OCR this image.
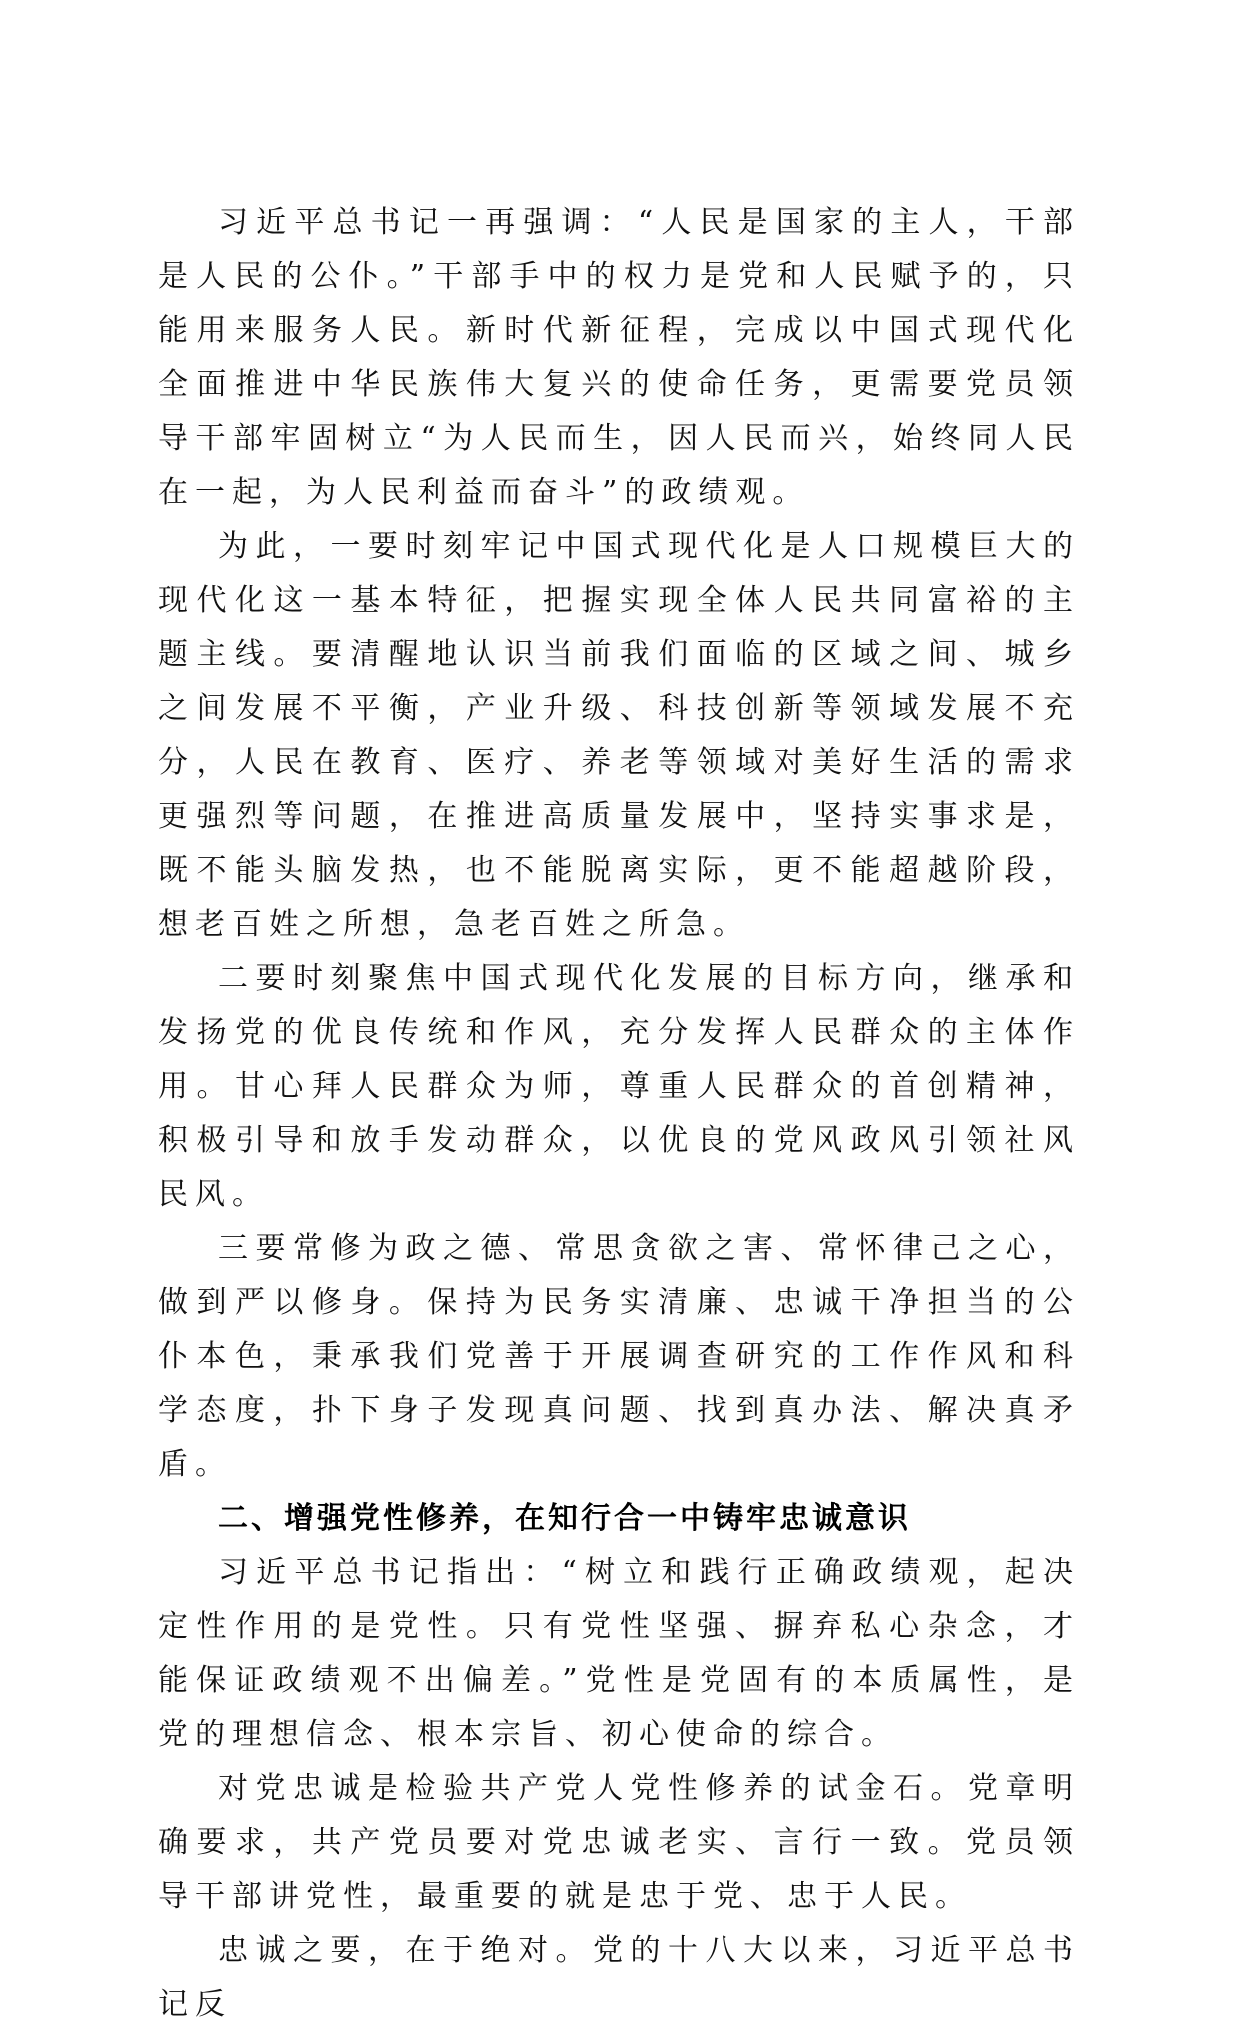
习近平总书记一再强调：“人民是国家的主人，干部是人民的公仆。”干部手中的权力是党和人民赋予的，只能用来服务人民。新时代新征程，完成以中国式现代化全面推进中华民族伟大复兴的使命任务，更需要党员领导干部牢固树立“为人民而生，因人民而兴，始终同人民在一起，为人民利益而奋斗”的政绩观。

为此，一要时刻牢记中国式现代化是人口规模巨大的现代化这一基本特征，把握实现全体人民共同富裕的主题主线。要清醒地认识当前我们面临的区域之间、城乡之间发展不平衡，产业升级、科技创新等领域发展不充分，人民在教育、医疗、养老等领域对美好生活的需求更强烈等问题，在推进高质量发展中，坚持实事求是，既不能头脑发热，也不能脱离实际，更不能超越阶段，想老百姓之所想，急老百姓之所急。

二要时刻聚焦中国式现代化发展的目标方向，继承和发扬党的优良传统和作风，充分发挥人民群众的主体作用。甘心拜人民群众为师，尊重人民群众的首创精神，积极引导和放手发动群众，以优良的党风政风引领社风民风。

三要常修为政之德、常思贪欲之害、常怀律己之心，做到严以修身。保持为民务实清廉、忠诚干净担当的公仆本色，秉承我们党善于开展调查研究的工作作风和科学态度，扑下身子发现真问题、找到真办法、解决真矛盾。

二、增强党性修养，在知行合一中铸牢忠诚意识

习近平总书记指出：“树立和践行正确政绩观，起决定性作用的是党性。只有党性坚强、摒弃私心杂念，才能保证政绩观不出偏差。”党性是党固有的本质属性，是党的理想信念、根本宗旨、初心使命的综合。

对党忠诚是检验共产党人党性修养的试金石。党章明确要求，共产党员要对党忠诚老实、言行一致。党员领导干部讲党性，最重要的就是忠于党、忠于人民。

忠诚之要，在于绝对。党的十八大以来，习近平总书记反
